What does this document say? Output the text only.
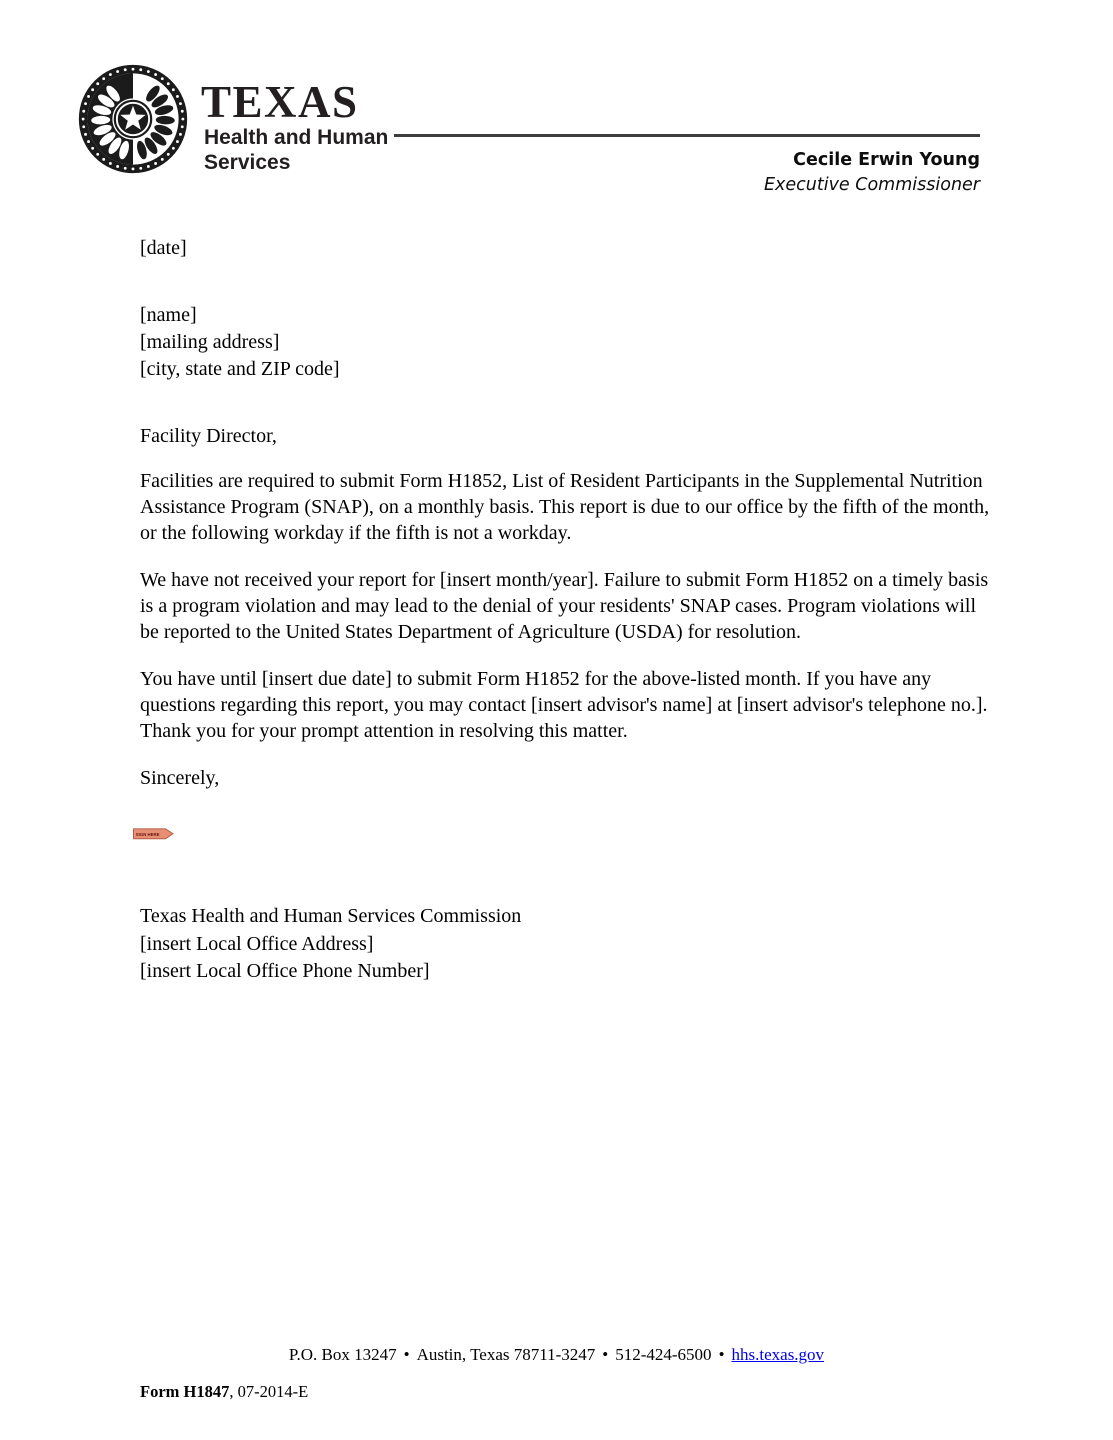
TEXAS
Health and Human
Services	Cecile Erwin Young
Executive Commissioner
[date]
[name]
[mailing address]
[city, state and ZIP code]
Facility Director,

Facilities are required to submit Form H1852, List of Resident Participants in the Supplemental Nutrition Assistance Program (SNAP), on a monthly basis. This report is due to our office by the fifth of the month, or the following workday if the fifth is not a workday.

We have not received your report for [insert month/year]. Failure to submit Form H1852 on a timely basis is a program violation and may lead to the denial of your residents' SNAP cases. Program violations will be reported to the United States Department of Agriculture (USDA) for resolution.

You have until [insert due date] to submit Form H1852 for the above-listed month. If you have any questions regarding this report, you may contact [insert advisor's name] at [insert advisor's telephone no.]. Thank you for your prompt attention in resolving this matter.

Sincerely,
SIGN HERE
Texas Health and Human Services Commission
[insert Local Office Address]
[insert Local Office Phone Number]
P.O. Box 13247 • Austin, Texas 78711-3247 • 512-424-6500 • hhs.texas.gov
Form H1847, 07-2014-E
